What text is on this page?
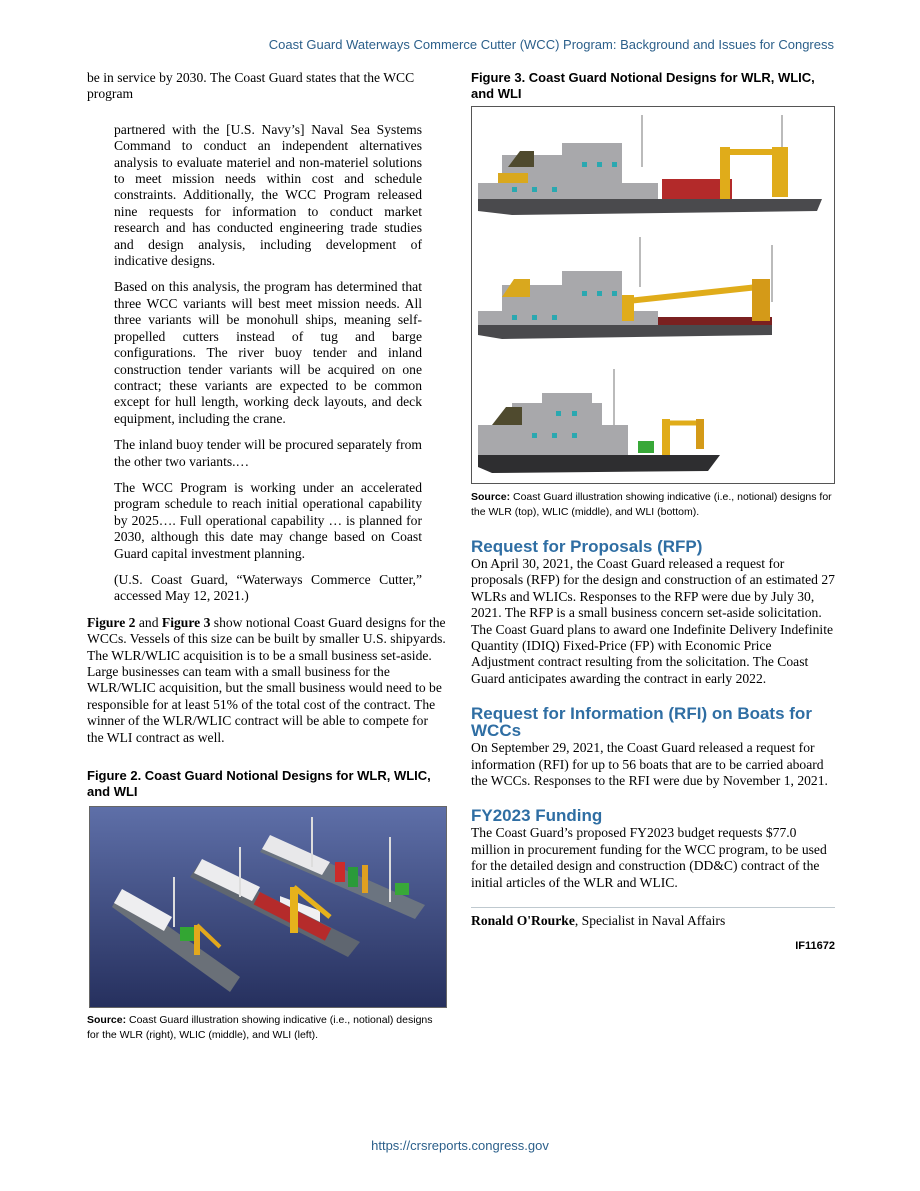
Coast Guard Waterways Commerce Cutter (WCC) Program: Background and Issues for Congress

be in service by 2030. The Coast Guard states that the WCC program

partnered with the [U.S. Navy’s] Naval Sea Systems Command to conduct an independent alternatives analysis to evaluate materiel and non-materiel solutions to meet mission needs within cost and schedule constraints. Additionally, the WCC Program released nine requests for information to conduct market research and has conducted engineering trade studies and design analysis, including development of indicative designs.

Based on this analysis, the program has determined that three WCC variants will best meet mission needs. All three variants will be monohull ships, meaning self-propelled cutters instead of tug and barge configurations. The river buoy tender and inland construction tender variants will be acquired on one contract; these variants are expected to be common except for hull length, working deck layouts, and deck equipment, including the crane.

The inland buoy tender will be procured separately from the other two variants.…

The WCC Program is working under an accelerated program schedule to reach initial operational capability by 2025…. Full operational capability … is planned for 2030, although this date may change based on Coast Guard capital investment planning.

(U.S. Coast Guard, “Waterways Commerce Cutter,” accessed May 12, 2021.)

Figure 2 and Figure 3 show notional Coast Guard designs for the WCCs. Vessels of this size can be built by smaller U.S. shipyards. The WLR/WLIC acquisition is to be a small business set-aside. Large businesses can team with a small business for the WLR/WLIC acquisition, but the small business would need to be responsible for at least 51% of the total cost of the contract. The winner of the WLR/WLIC contract will be able to compete for the WLI contract as well.

Figure 2. Coast Guard Notional Designs for WLR, WLIC, and WLI
Source: Coast Guard illustration showing indicative (i.e., notional) designs for the WLR (right), WLIC (middle), and WLI (left).
Figure 3. Coast Guard Notional Designs for WLR, WLIC, and WLI
Source: Coast Guard illustration showing indicative (i.e., notional) designs for the WLR (top), WLIC (middle), and WLI (bottom).
Request for Proposals (RFP)

On April 30, 2021, the Coast Guard released a request for proposals (RFP) for the design and construction of an estimated 27 WLRs and WLICs. Responses to the RFP were due by July 30, 2021. The RFP is a small business concern set-aside solicitation. The Coast Guard plans to award one Indefinite Delivery Indefinite Quantity (IDIQ) Fixed-Price (FP) with Economic Price Adjustment contract resulting from the solicitation. The Coast Guard anticipates awarding the contract in early 2022.

Request for Information (RFI) on Boats for WCCs

On September 29, 2021, the Coast Guard released a request for information (RFI) for up to 56 boats that are to be carried aboard the WCCs. Responses to the RFI were due by November 1, 2021.

FY2023 Funding

The Coast Guard’s proposed FY2023 budget requests $77.0 million in procurement funding for the WCC program, to be used for the detailed design and construction (DD&C) contract of the initial articles of the WLR and WLIC.

Ronald O'Rourke, Specialist in Naval Affairs

IF11672
https://crsreports.congress.gov
